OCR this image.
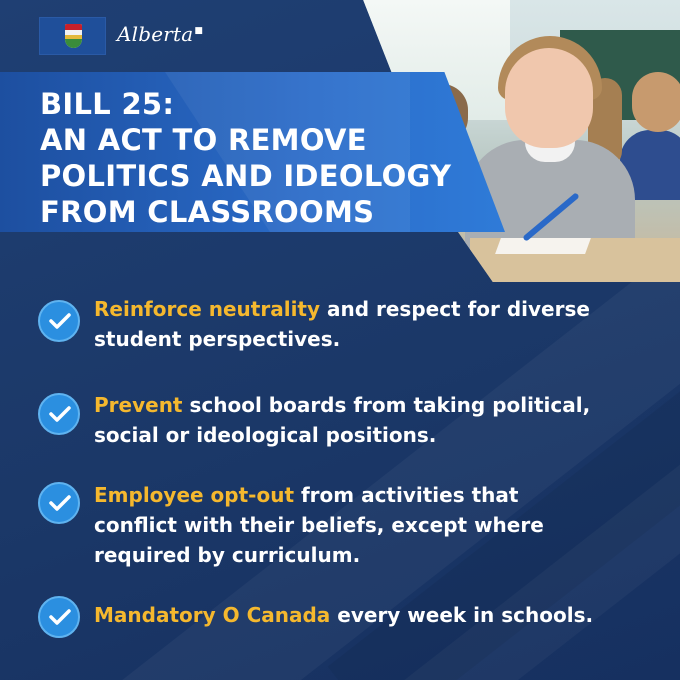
Alberta■
BILL 25:
AN ACT TO REMOVE
POLITICS AND IDEOLOGY
FROM CLASSROOMS
Reinforce neutrality and respect for diverse
student perspectives.
Prevent school boards from taking political,
social or ideological positions.
Employee opt-out from activities that
conflict with their beliefs, except where
required by curriculum.
Mandatory O Canada every week in schools.
